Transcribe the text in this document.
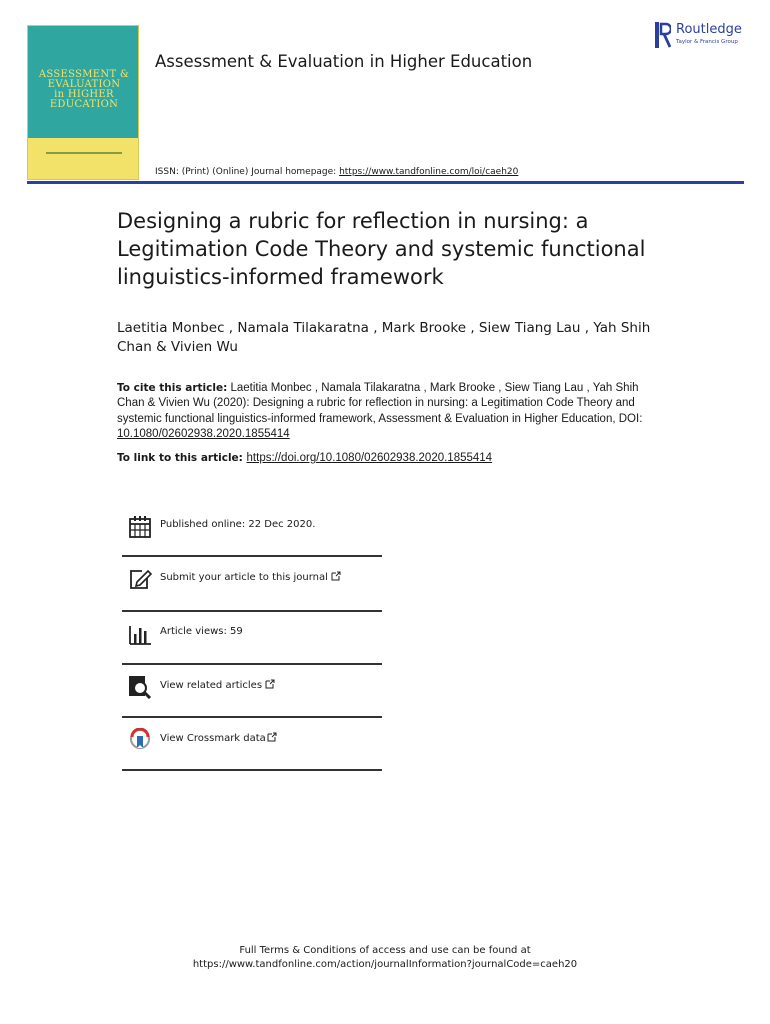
ASSESSMENT &
EVALUATION
in HIGHER
EDUCATION
Assessment & Evaluation in Higher Education
Routledge
Taylor & Francis Group
ISSN: (Print) (Online) Journal homepage: https://www.tandfonline.com/loi/caeh20
Designing a rubric for reflection in nursing: a Legitimation Code Theory and systemic functional linguistics-informed framework
Laetitia Monbec , Namala Tilakaratna , Mark Brooke , Siew Tiang Lau , Yah Shih Chan & Vivien Wu
To cite this article: Laetitia Monbec , Namala Tilakaratna , Mark Brooke , Siew Tiang Lau , Yah Shih Chan & Vivien Wu (2020): Designing a rubric for reflection in nursing: a Legitimation Code Theory and systemic functional linguistics-informed framework, Assessment & Evaluation in Higher Education, DOI: 10.1080/02602938.2020.1855414
To link to this article: https://doi.org/10.1080/02602938.2020.1855414
Published online: 22 Dec 2020.
Submit your article to this journal
Article views: 59
View related articles
View Crossmark data
Full Terms & Conditions of access and use can be found at
https://www.tandfonline.com/action/journalInformation?journalCode=caeh20
